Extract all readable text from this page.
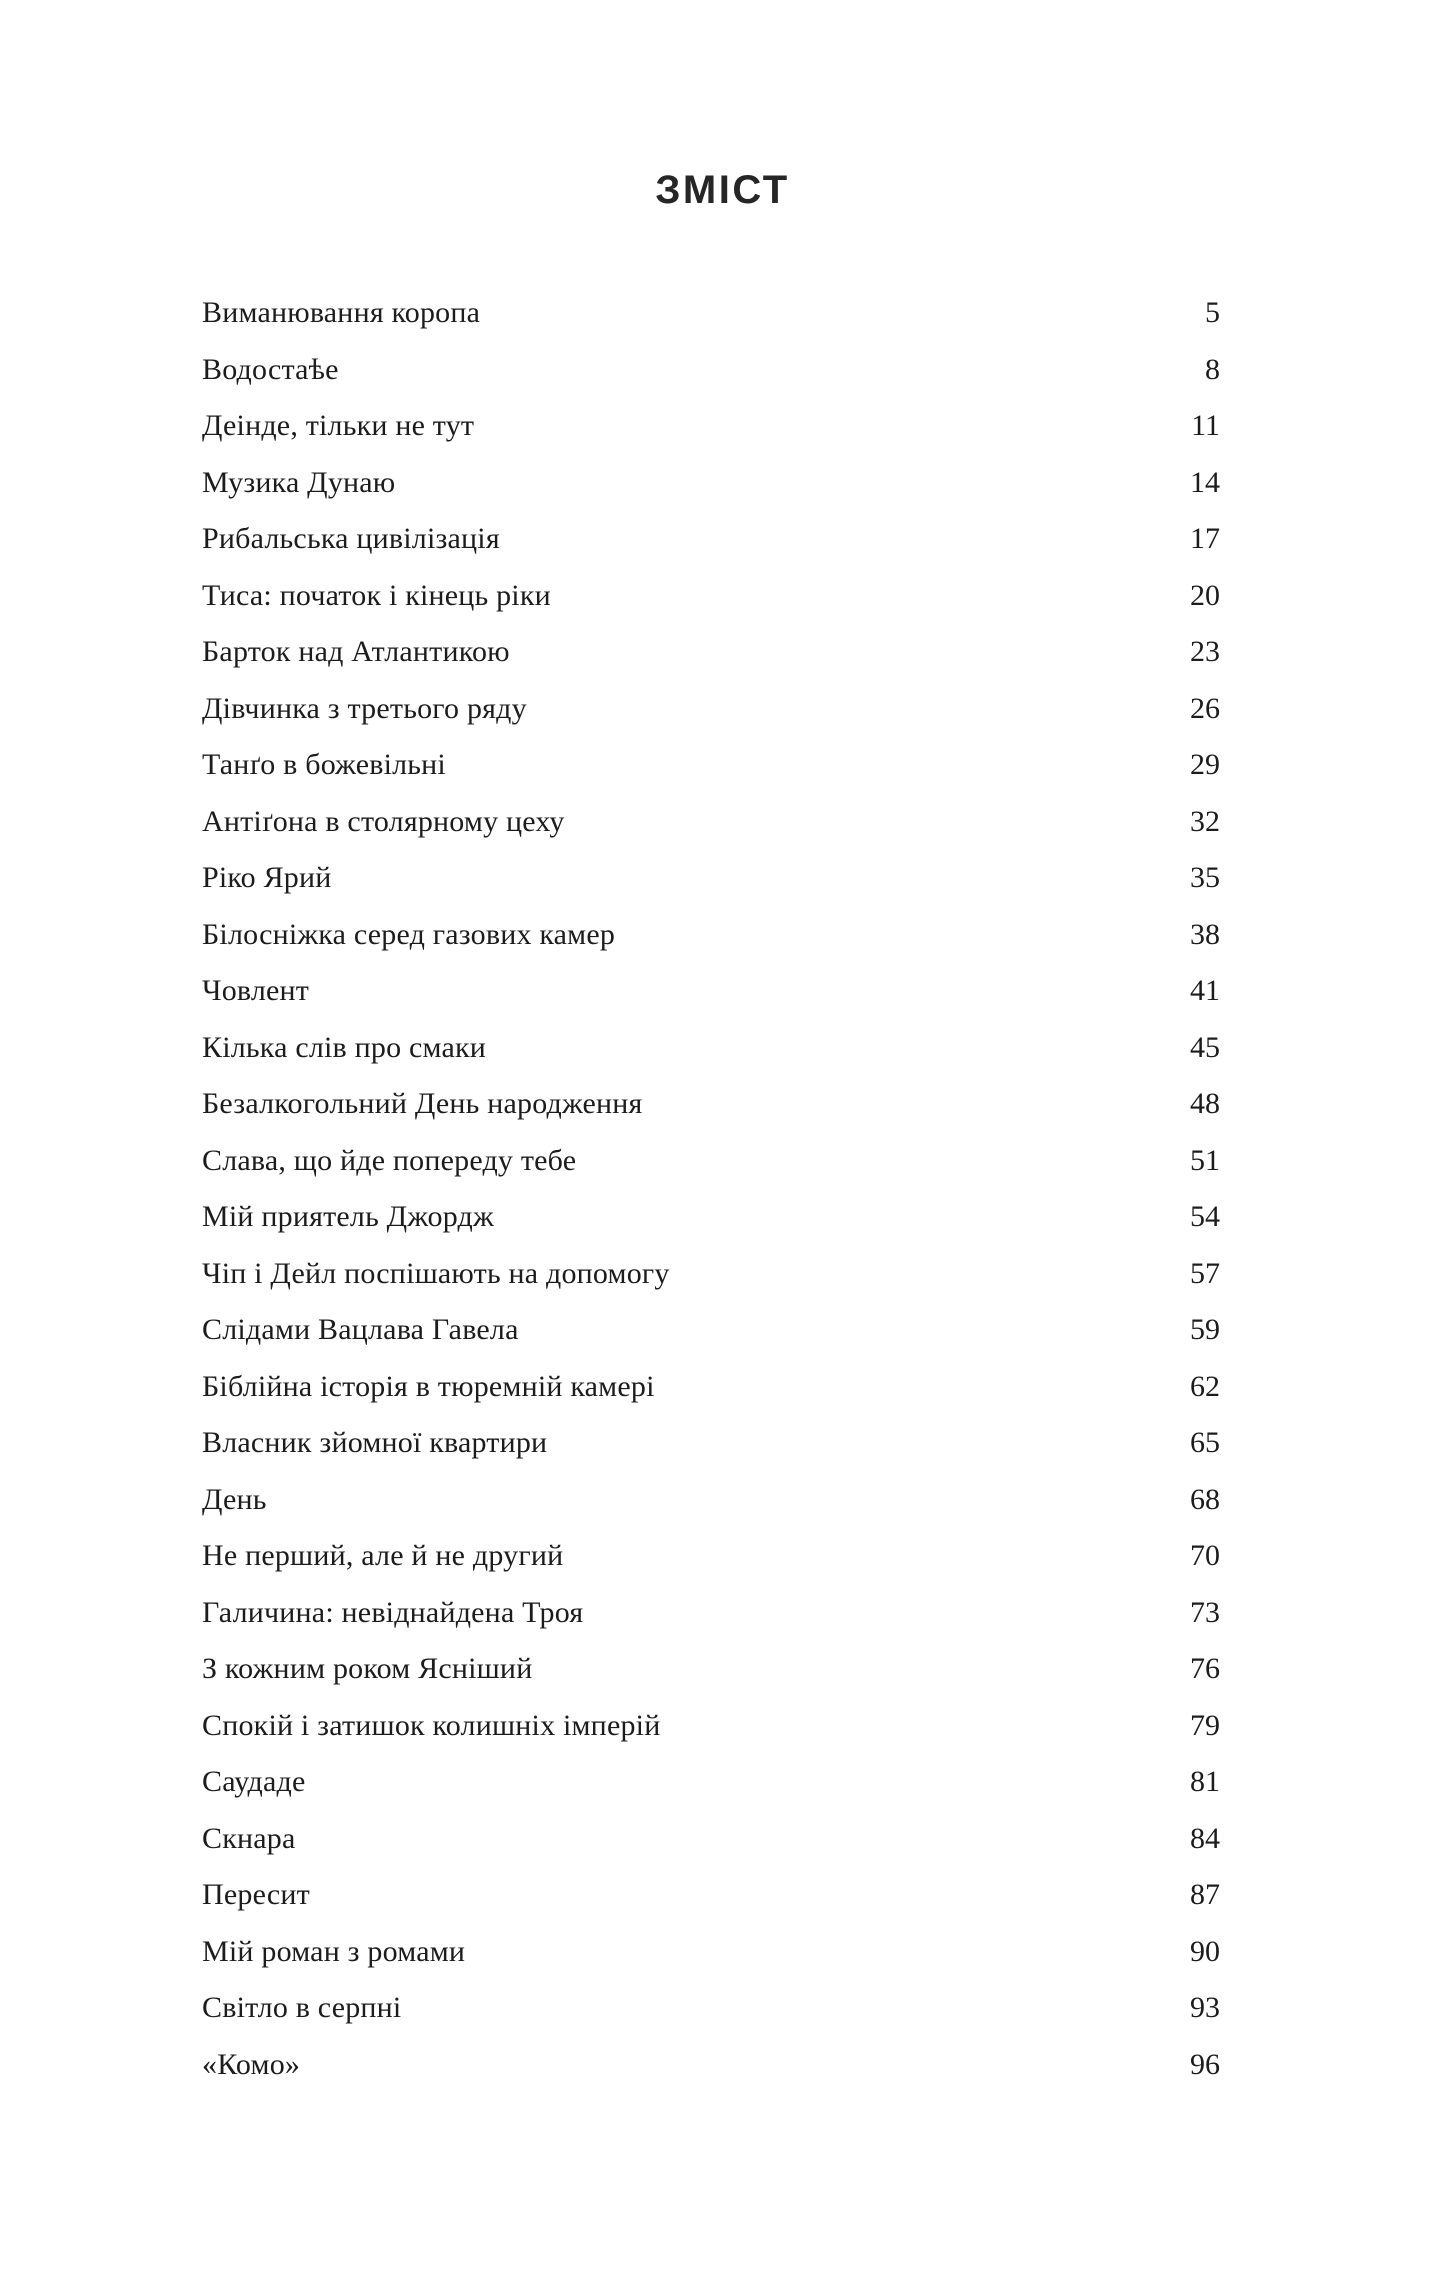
ЗМІСТ
Виманювання коропа	5
Водостаѣе	8
Деінде, тільки не тут	11
Музика Дунаю	14
Рибальська цивілізація	17
Тиса: початок і кінець ріки	20
Барток над Атлантикою	23
Дівчинка з третього ряду	26
Танґо в божевільні	29
Антіґона в столярному цеху	32
Ріко Ярий	35
Білосніжка серед газових камер	38
Човлент	41
Кілька слів про смаки	45
Безалкогольний День народження	48
Слава, що йде попереду тебе	51
Мій приятель Джордж	54
Чіп і Дейл поспішають на допомогу	57
Слідами Вацлава Гавела	59
Біблійна історія в тюремній камері	62
Власник зйомної квартири	65
День	68
Не перший, але й не другий	70
Галичина: невіднайдена Троя	73
З кожним роком Ясніший	76
Спокій і затишок колишніх імперій	79
Саудаде	81
Скнара	84
Пересит	87
Мій роман з ромами	90
Світло в серпні	93
«Комо»	96
